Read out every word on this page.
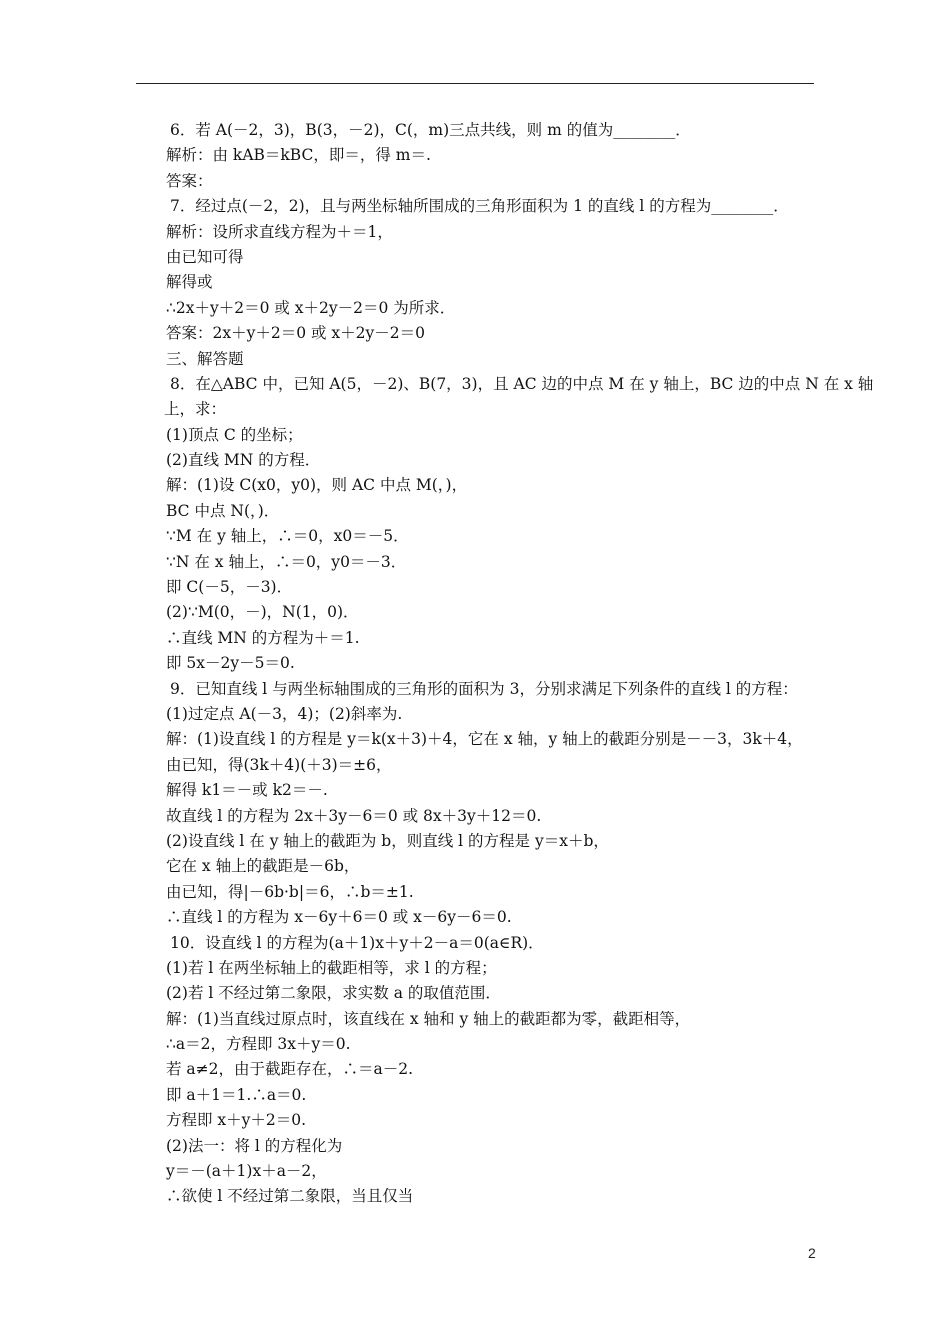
6．若 A(－2，3)，B(3，－2)，C(，m)三点共线，则 m 的值为________．
解析：由 kAB＝kBC，即＝，得 m＝.
答案：
7．经过点(－2，2)，且与两坐标轴所围成的三角形面积为 1 的直线 l 的方程为________．
解析：设所求直线方程为＋＝1，
由已知可得
解得或
∴2x＋y＋2＝0 或 x＋2y－2＝0 为所求．
答案：2x＋y＋2＝0 或 x＋2y－2＝0
三、解答题
8．在△ABC 中，已知 A(5，－2)、B(7，3)，且 AC 边的中点 M 在 y 轴上，BC 边的中点 N 在 x 轴
上，求：
(1)顶点 C 的坐标；
(2)直线 MN 的方程．
解：(1)设 C(x0，y0)，则 AC 中点 M(，)，
BC 中点 N(，)．
∵M 在 y 轴上，∴＝0，x0＝－5．
∵N 在 x 轴上，∴＝0，y0＝－3．
即 C(－5，－3)．
(2)∵M(0，－)，N(1，0)．
∴直线 MN 的方程为＋＝1.
即 5x－2y－5＝0.
9．已知直线 l 与两坐标轴围成的三角形的面积为 3，分别求满足下列条件的直线 l 的方程：
(1)过定点 A(－3，4)；(2)斜率为.
解：(1)设直线 l 的方程是 y＝k(x＋3)＋4，它在 x 轴，y 轴上的截距分别是－－3，3k＋4，
由已知，得(3k＋4)(＋3)＝±6，
解得 k1＝－或 k2＝－.
故直线 l 的方程为 2x＋3y－6＝0 或 8x＋3y＋12＝0.
(2)设直线 l 在 y 轴上的截距为 b，则直线 l 的方程是 y＝x＋b，
它在 x 轴上的截距是－6b，
由已知，得|－6b·b|＝6，∴b＝±1.
∴直线 l 的方程为 x－6y＋6＝0 或 x－6y－6＝0.
10．设直线 l 的方程为(a＋1)x＋y＋2－a＝0(a∈R)．
(1)若 l 在两坐标轴上的截距相等，求 l 的方程；
(2)若 l 不经过第二象限，求实数 a 的取值范围．
解：(1)当直线过原点时，该直线在 x 轴和 y 轴上的截距都为零，截距相等，
∴a＝2，方程即 3x＋y＝0.
若 a≠2，由于截距存在，∴＝a－2.
即 a＋1＝1.∴a＝0.
方程即 x＋y＋2＝0.
(2)法一：将 l 的方程化为
y＝－(a＋1)x＋a－2，
∴欲使 l 不经过第二象限，当且仅当
2
